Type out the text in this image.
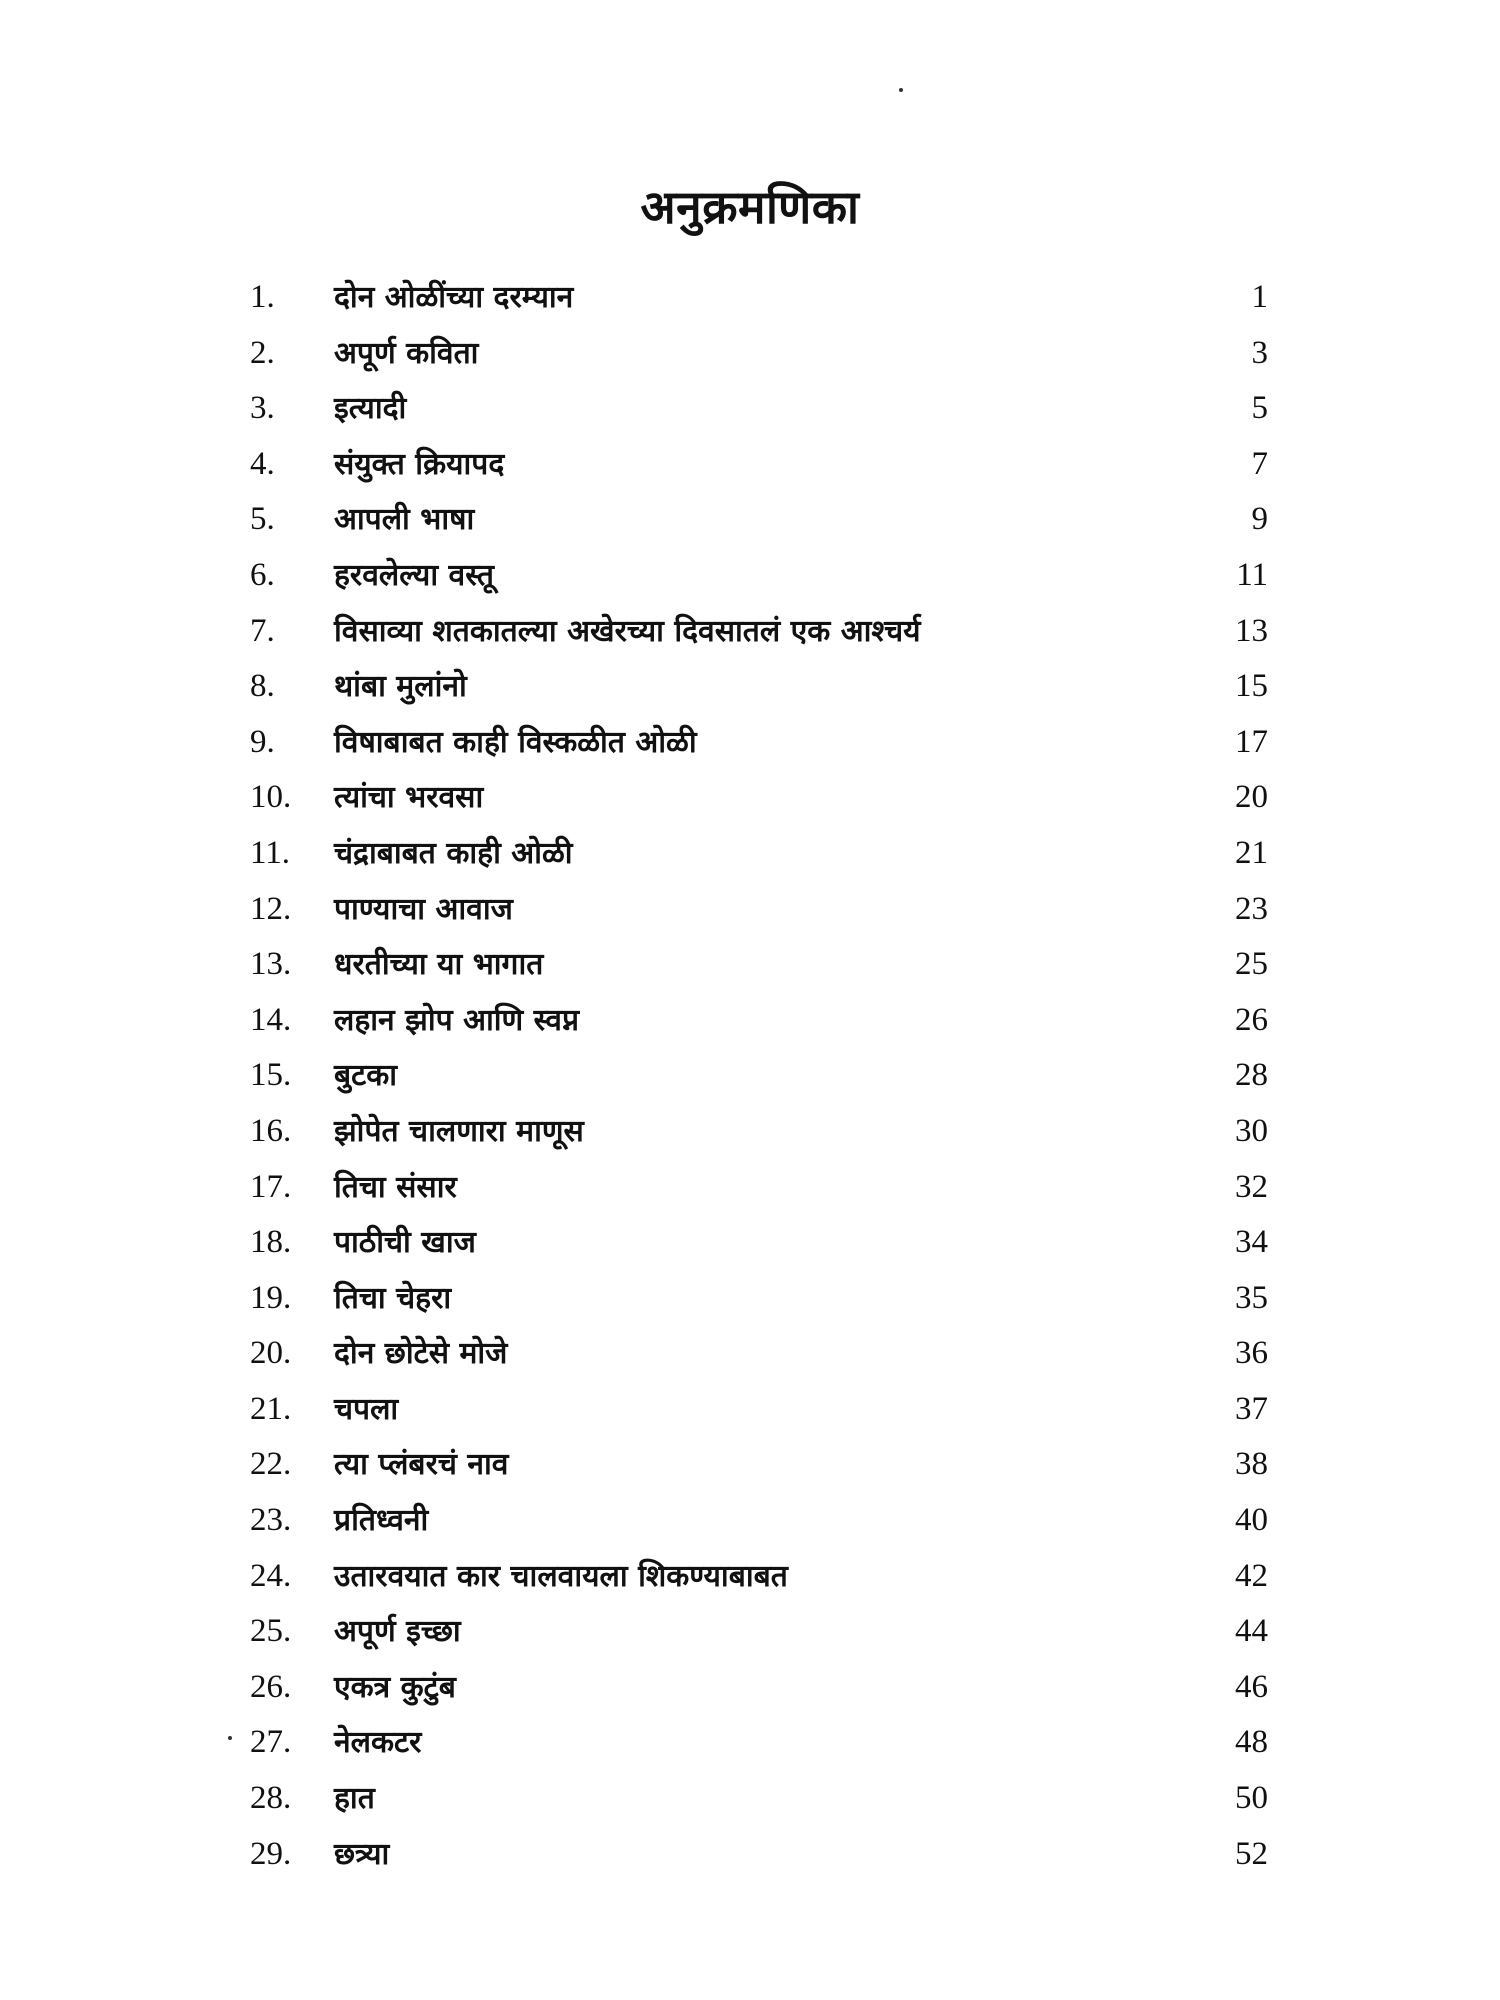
अनुक्रमणिका
1. दोन ओळींच्या दरम्यान	1
2. अपूर्ण कविता	3
3. इत्यादी	5
4. संयुक्त क्रियापद	7
5. आपली भाषा	9
6. हरवलेल्या वस्तू	11
7. विसाव्या शतकातल्या अखेरच्या दिवसातलं एक आश्चर्य	13
8. थांबा मुलांनो	15
9. विषाबाबत काही विस्कळीत ओळी	17
10. त्यांचा भरवसा	20
11. चंद्राबाबत काही ओळी	21
12. पाण्याचा आवाज	23
13. धरतीच्या या भागात	25
14. लहान झोप आणि स्वप्न	26
15. बुटका	28
16. झोपेत चालणारा माणूस	30
17. तिचा संसार	32
18. पाठीची खाज	34
19. तिचा चेहरा	35
20. दोन छोटेसे मोजे	36
21. चपला	37
22. त्या प्लंबरचं नाव	38
23. प्रतिध्वनी	40
24. उतारवयात कार चालवायला शिकण्याबाबत	42
25. अपूर्ण इच्छा	44
26. एकत्र कुटुंब	46
27. नेलकटर	48
28. हात	50
29. छत्र्या	52
